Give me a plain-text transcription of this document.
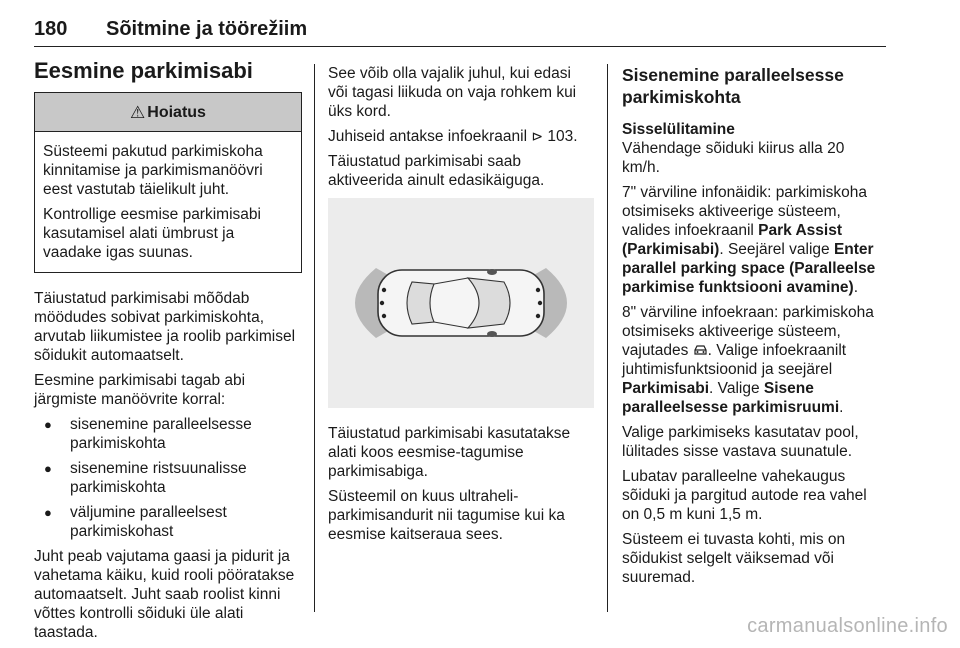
180 Sõitmine ja töörežiim
Eesmine parkimisabi
⚠ Hoiatus

Süsteemi pakutud parkimiskoha kinnitamise ja parkimismanöövri eest vastutab täielikult juht.

Kontrollige eesmise parkimisabi kasutamisel alati ümbrust ja vaadake igas suunas.

Täiustatud parkimisabi mõõdab möödudes sobivat parkimiskohta, arvutab liikumistee ja roolib parkimisel sõidukit automaatselt.

Eesmine parkimisabi tagab abi järgmiste manöövrite korral:

● sisenemine paralleelsesse parkimiskohta
● sisenemine ristsuunalisse parkimiskohta
● väljumine paralleelsest parkimiskohast

Juht peab vajutama gaasi ja pidurit ja vahetama käiku, kuid rooli pööratakse automaatselt. Juht saab roolist kinni võttes kontrolli sõiduki üle alati taastada.

See võib olla vajalik juhul, kui edasi või tagasi liikuda on vaja rohkem kui üks kord.

Juhiseid antakse infoekraanil ⊳ 103.

Täiustatud parkimisabi saab aktiveerida ainult edasikäiguga.

Täiustatud parkimisabi kasutatakse alati koos eesmise-tagumise parkimisabiga.

Süsteemil on kuus ultraheli-parkimisandurit nii tagumise kui ka eesmise kaitseraua sees.

Sisenemine paralleelsesse parkimiskohta

Sisselülitamine

Vähendage sõiduki kiirus alla 20 km/h.

7" värviline infonäidik: parkimiskoha otsimiseks aktiveerige süsteem, valides infoekraanil Park Assist (Parkimisabi). Seejärel valige Enter parallel parking space (Paralleelse parkimise funktsiooni avamine).

8" värviline infoekraan: parkimiskoha otsimiseks aktiveerige süsteem, vajutades . Valige infoekraanilt juhtimisfunktsioonid ja seejärel Parkimisabi. Valige Sisene paralleelsesse parkimisruumi.

Valige parkimiseks kasutatav pool, lülitades sisse vastava suunatule.

Lubatav paralleelne vahekaugus sõiduki ja pargitud autode rea vahel on 0,5 m kuni 1,5 m.

Süsteem ei tuvasta kohti, mis on sõidukist selgelt väiksemad või suuremad.

carmanualsonline.info
